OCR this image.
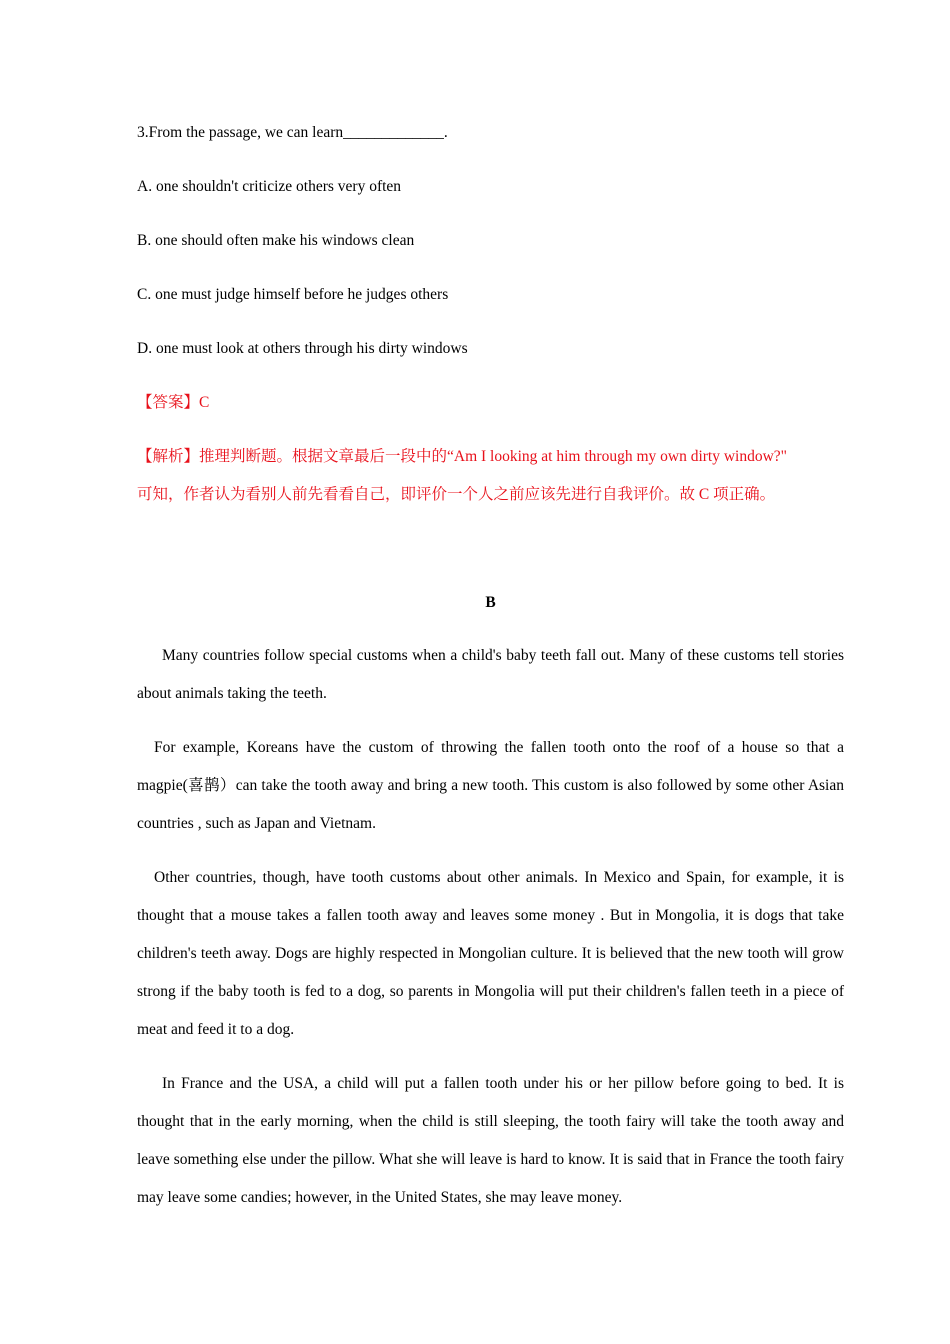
3.From the passage, we can learn_____________.
A. one shouldn't criticize others very often
B. one should often make his windows clean
C. one must judge himself before he judges others
D. one must look at others through his dirty windows
【答案】C
【解析】推理判断题。根据文章最后一段中的“Am I looking at him through my own dirty window?"
可知，作者认为看别人前先看看自己，即评价一个人之前应该先进行自我评价。故 C 项正确。
B
Many countries follow special customs when a child's baby teeth fall out. Many of these customs tell stories about animals taking the teeth.
For example, Koreans have the custom of throwing the fallen tooth onto the roof of a house so that a magpie(喜鹊）can take the tooth away and bring a new tooth. This custom is also followed by some other Asian countries , such as Japan and Vietnam.
Other countries, though, have tooth customs about other animals. In Mexico and Spain, for example, it is thought that a mouse takes a fallen tooth away and leaves some money . But in Mongolia, it is dogs that take children's teeth away. Dogs are highly respected in Mongolian culture. It is believed that the new tooth will grow strong if the baby tooth is fed to a dog, so parents in Mongolia will put their children's fallen teeth in a piece of meat and feed it to a dog.
In France and the USA, a child will put a fallen tooth under his or her pillow before going to bed. It is thought that in the early morning, when the child is still sleeping, the tooth fairy will take the tooth away and leave something else under the pillow. What she will leave is hard to know. It is said that in France the tooth fairy may leave some candies; however, in the United States, she may leave money.
